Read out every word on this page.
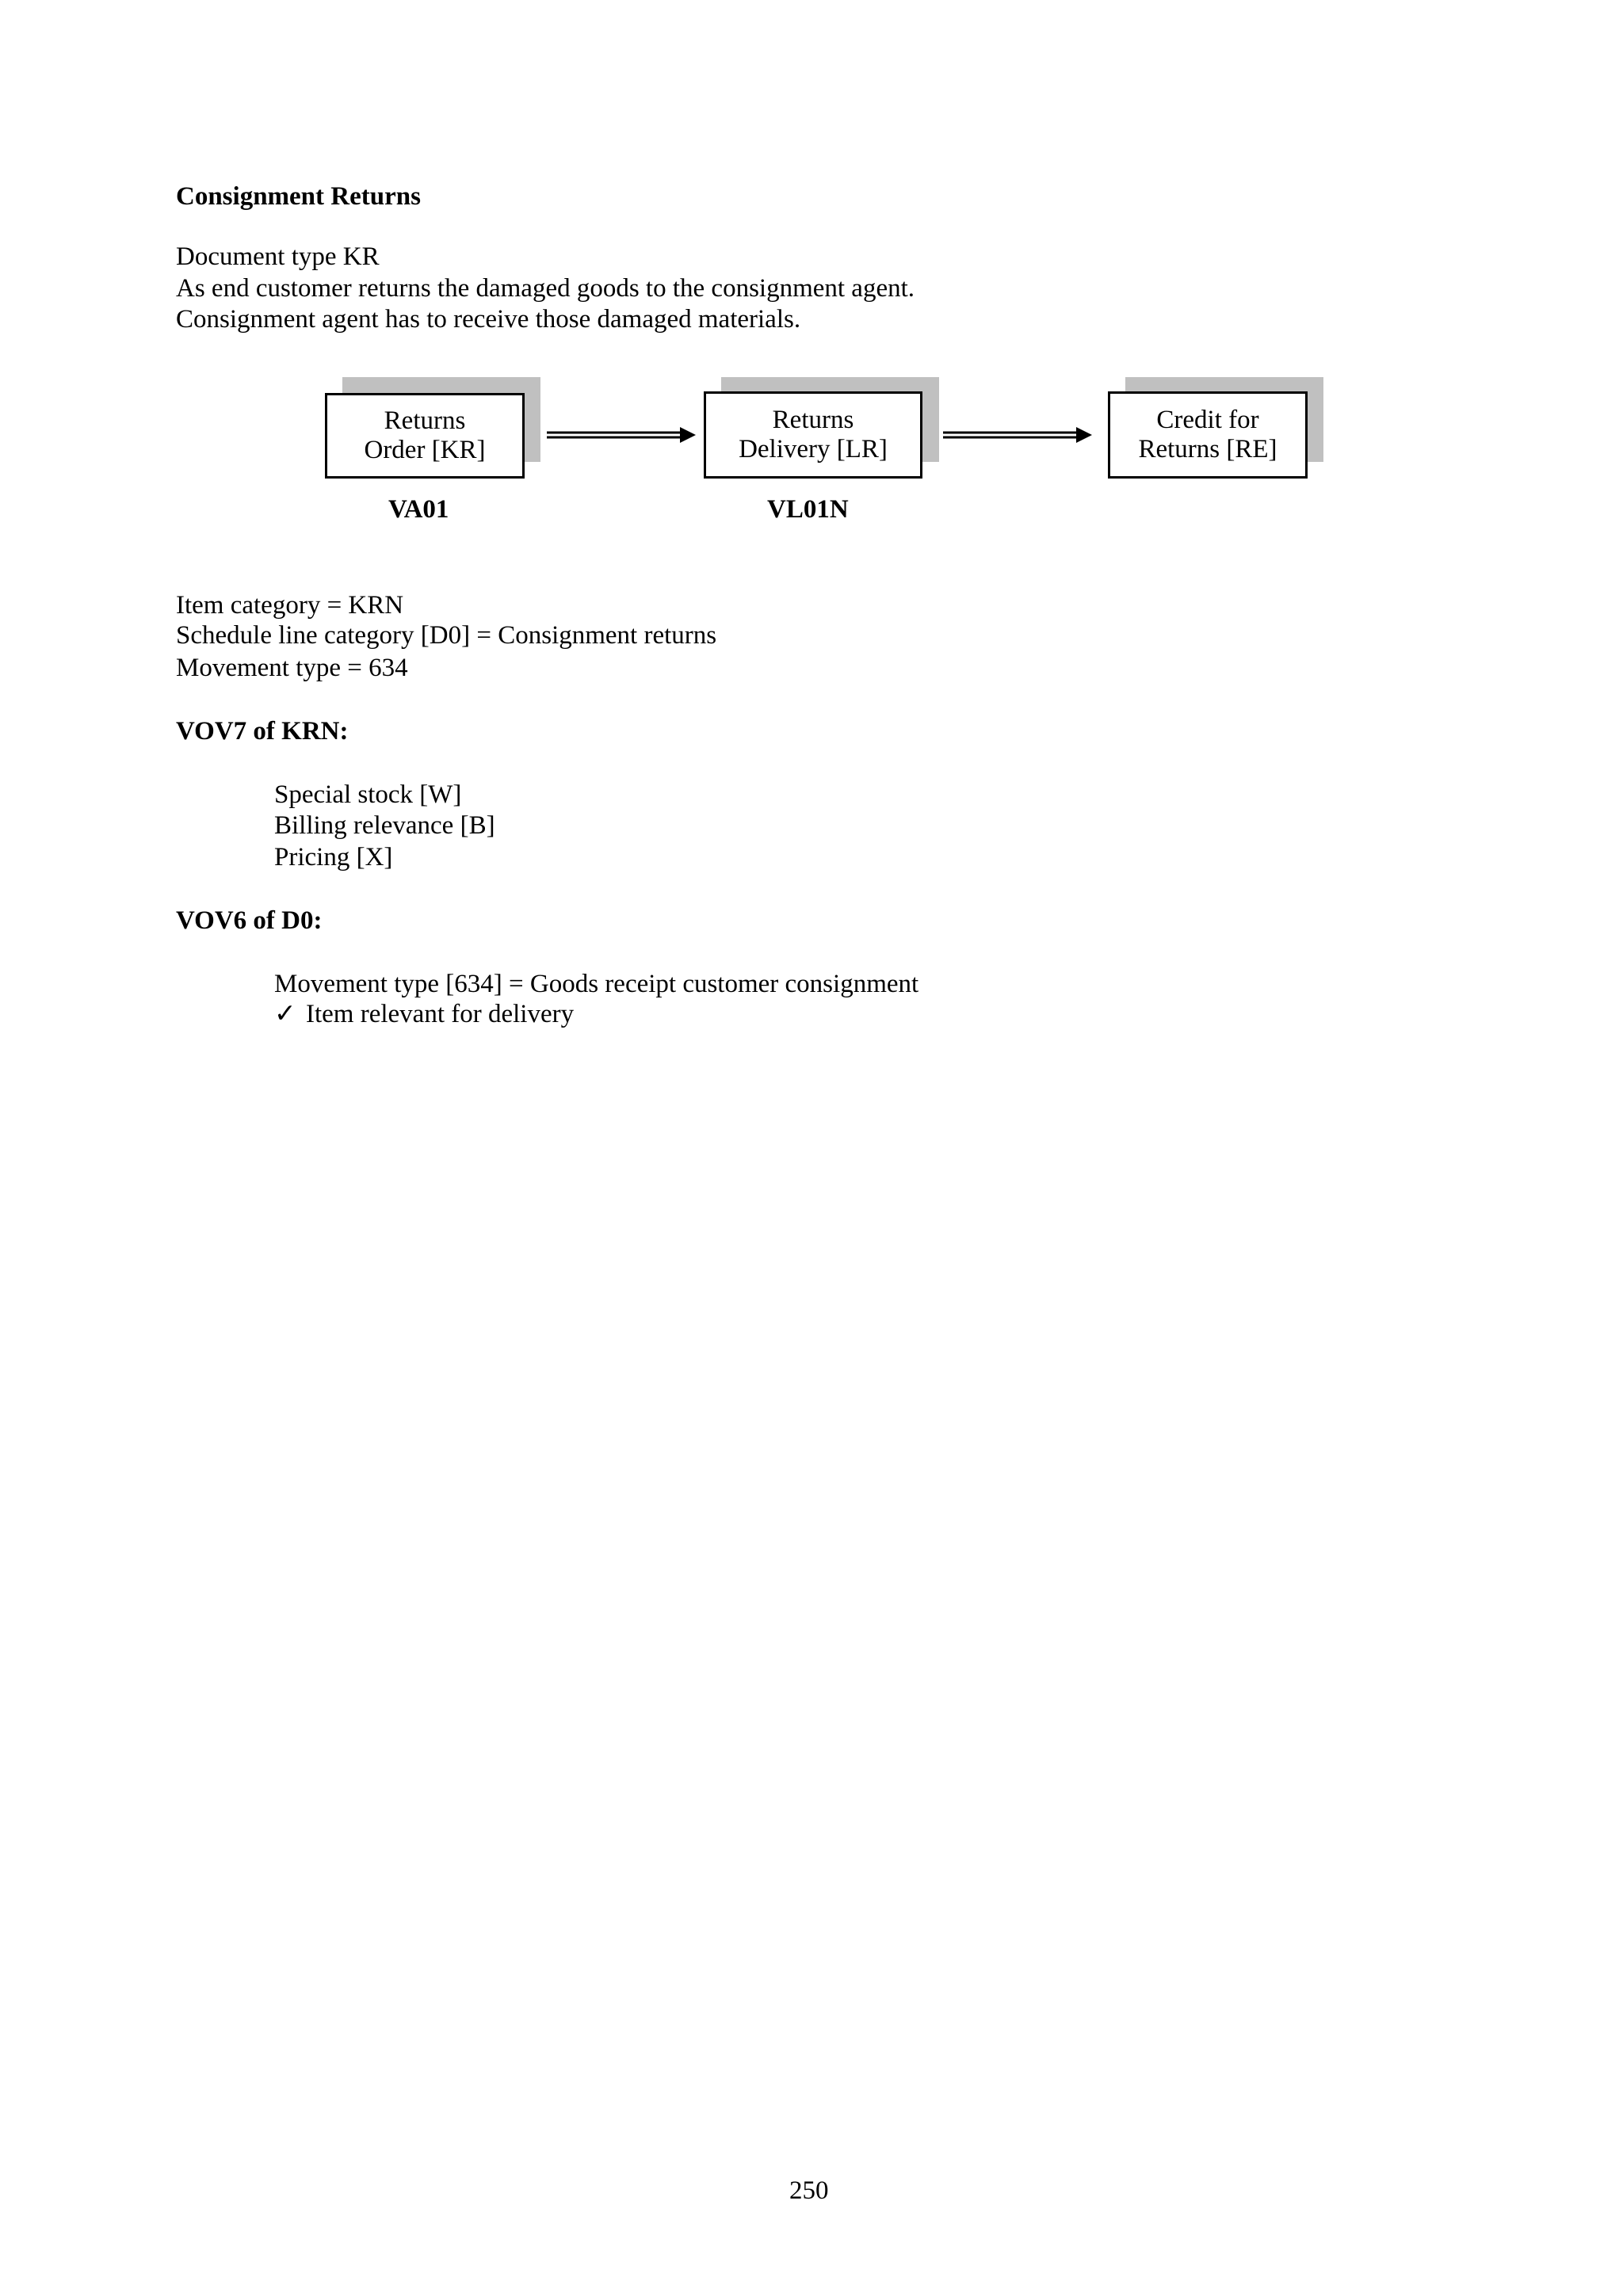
Consignment Returns
Document type KR
As end customer returns the damaged goods to the consignment agent.
Consignment agent has to receive those damaged materials.
Returns
Order [KR]
Returns
Delivery [LR]
Credit for
Returns [RE]
VA01	VL01N
Item category = KRN
Schedule line category [D0] = Consignment returns
Movement type = 634
VOV7 of KRN:
Special stock [W]
Billing relevance [B]
Pricing [X]
VOV6 of D0:
Movement type [634] = Goods receipt customer consignment
✓ Item relevant for delivery
250
